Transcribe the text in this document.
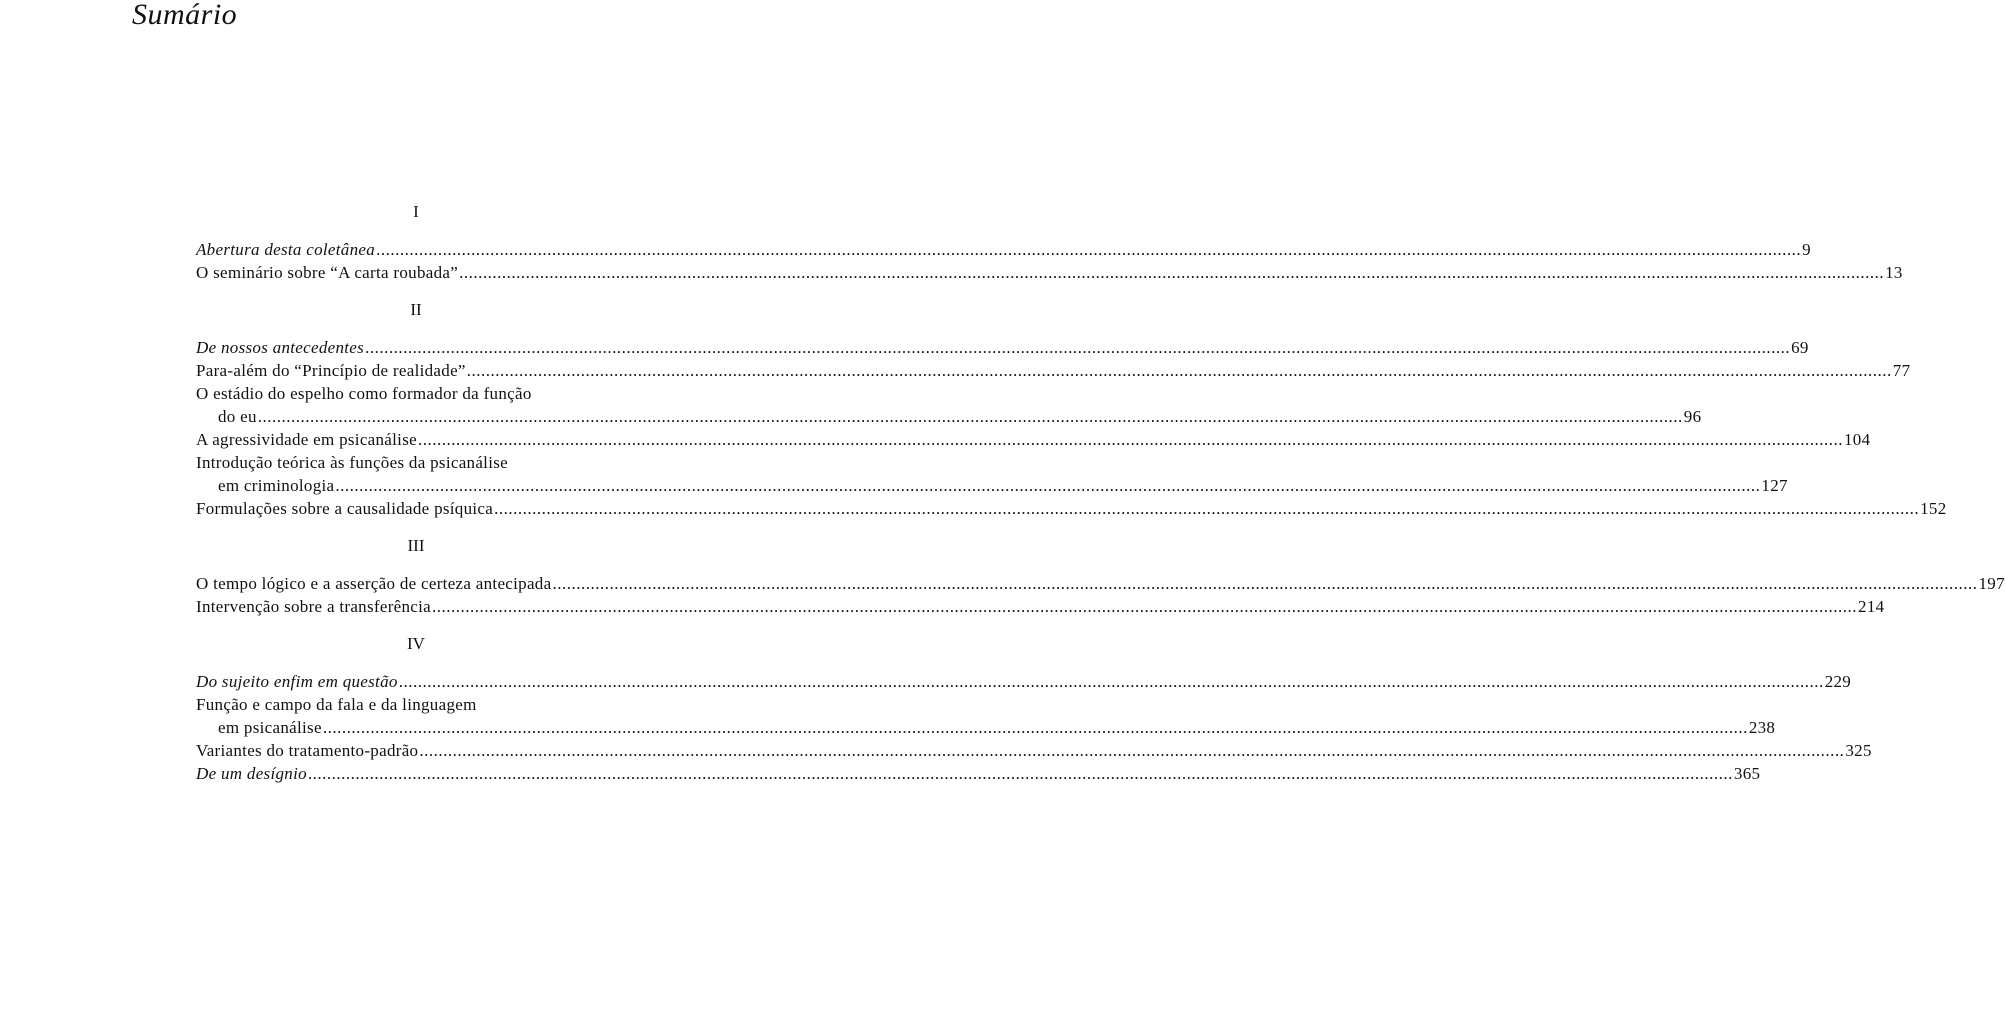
Sumário
I
Abertura desta coletânea ............................................................................................................................................................................................................................................................................................................ 9
O seminário sobre “A carta roubada” ............................................................................................................................................................................................................................................................................................................ 13
II
De nossos antecedentes ............................................................................................................................................................................................................................................................................................................ 69
Para-além do “Princípio de realidade” ............................................................................................................................................................................................................................................................................................................ 77
O estádio do espelho como formador da função
do eu ............................................................................................................................................................................................................................................................................................................ 96
A agressividade em psicanálise ............................................................................................................................................................................................................................................................................................................ 104
Introdução teórica às funções da psicanálise
em criminologia ............................................................................................................................................................................................................................................................................................................ 127
Formulações sobre a causalidade psíquica ............................................................................................................................................................................................................................................................................................................ 152
III
O tempo lógico e a asserção de certeza antecipada ............................................................................................................................................................................................................................................................................................................ 197
Intervenção sobre a transferência ............................................................................................................................................................................................................................................................................................................ 214
IV
Do sujeito enfim em questão ............................................................................................................................................................................................................................................................................................................ 229
Função e campo da fala e da linguagem
em psicanálise ............................................................................................................................................................................................................................................................................................................ 238
Variantes do tratamento-padrão ............................................................................................................................................................................................................................................................................................................ 325
De um desígnio ............................................................................................................................................................................................................................................................................................................ 365
